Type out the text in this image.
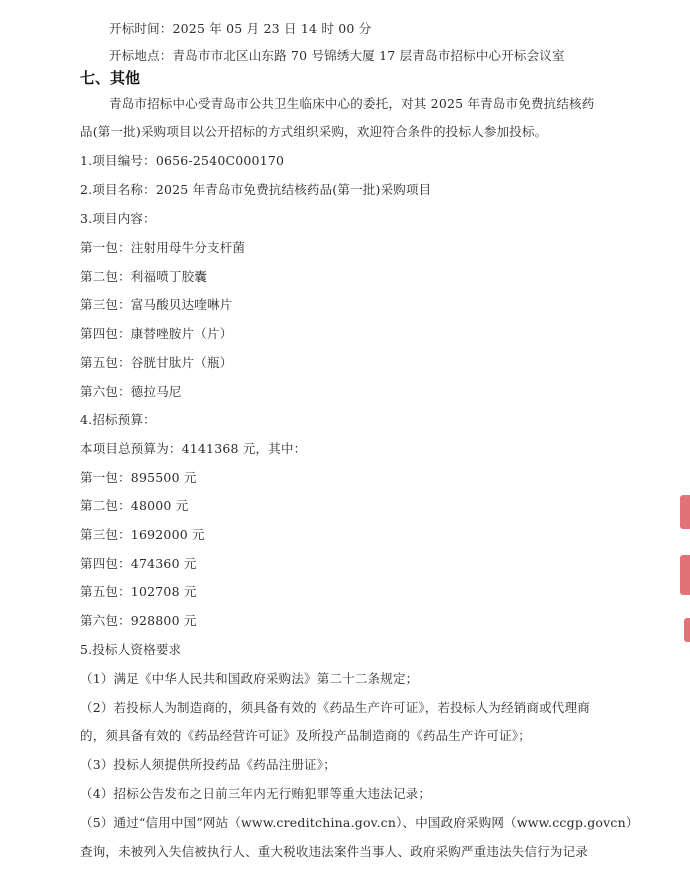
开标时间：2025 年 05 月 23 日 14 时 00 分
开标地点：青岛市市北区山东路 70 号锦绣大厦 17 层青岛市招标中心开标会议室
七、其他
青岛市招标中心受青岛市公共卫生临床中心的委托，对其 2025 年青岛市免费抗结核药
品(第一批)采购项目以公开招标的方式组织采购，欢迎符合条件的投标人参加投标。
1.项目编号：0656-2540C000170
2.项目名称：2025 年青岛市免费抗结核药品(第一批)采购项目
3.项目内容：
第一包：注射用母牛分支杆菌
第二包：利福喷丁胶囊
第三包：富马酸贝达喹啉片
第四包：康替唑胺片（片）
第五包：谷胱甘肽片（瓶）
第六包：德拉马尼
4.招标预算：
本项目总预算为：4141368 元，其中：
第一包：895500 元
第二包：48000 元
第三包：1692000 元
第四包：474360 元
第五包：102708 元
第六包：928800 元
5.投标人资格要求
（1）满足《中华人民共和国政府采购法》第二十二条规定；
（2）若投标人为制造商的，须具备有效的《药品生产许可证》，若投标人为经销商或代理商
的，须具备有效的《药品经营许可证》及所投产品制造商的《药品生产许可证》；
（3）投标人须提供所投药品《药品注册证》；
（4）招标公告发布之日前三年内无行贿犯罪等重大违法记录；
（5）通过“信用中国”网站（www.creditchina.gov.cn）、中国政府采购网（www.ccgp.govcn）
查询，未被列入失信被执行人、重大税收违法案件当事人、政府采购严重违法失信行为记录
